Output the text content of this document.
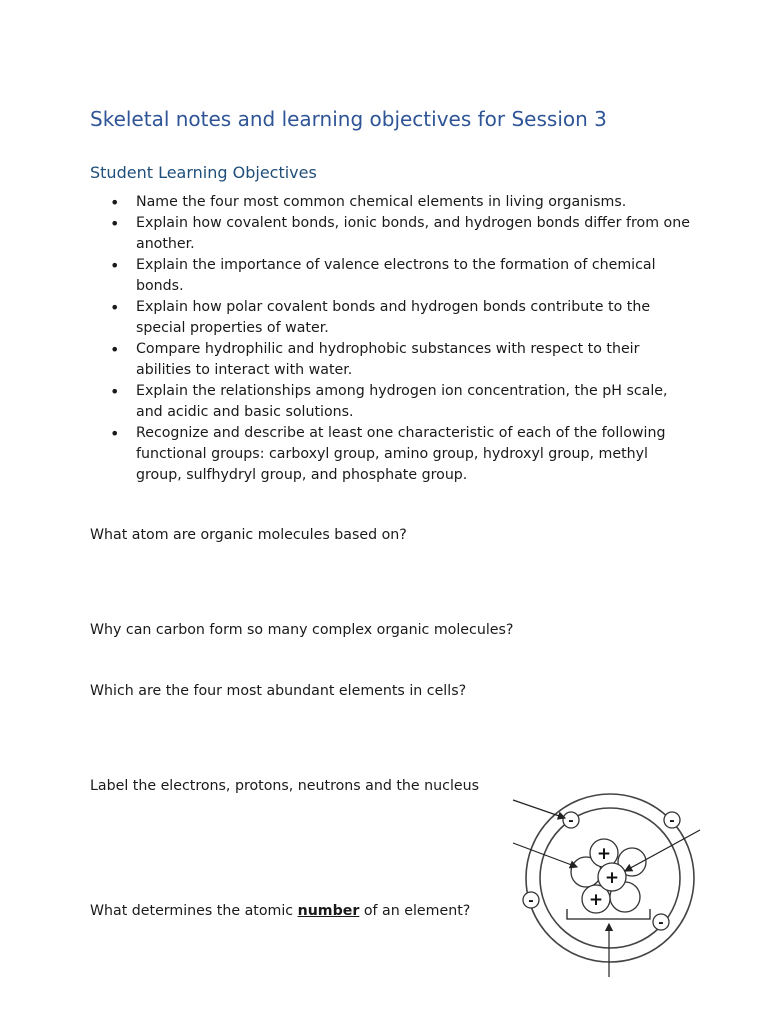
Skeletal notes and learning objectives for Session 3
Student Learning Objectives
• Name the four most common chemical elements in living organisms.
• Explain how covalent bonds, ionic bonds, and hydrogen bonds differ from one another.
• Explain the importance of valence electrons to the formation of chemical bonds.
• Explain how polar covalent bonds and hydrogen bonds contribute to the special properties of water.
• Compare hydrophilic and hydrophobic substances with respect to their abilities to interact with water.
• Explain the relationships among hydrogen ion concentration, the pH scale, and acidic and basic solutions.
• Recognize and describe at least one characteristic of each of the following functional groups: carboxyl group, amino group, hydroxyl group, methyl group, sulfhydryl group, and phosphate group.

What atom are organic molecules based on?

Why can carbon form so many complex organic molecules?

Which are the four most abundant elements in cells?

Label the electrons, protons, neutrons and the nucleus

What determines the atomic number of an element?

+
+
+
-	-
-
-
